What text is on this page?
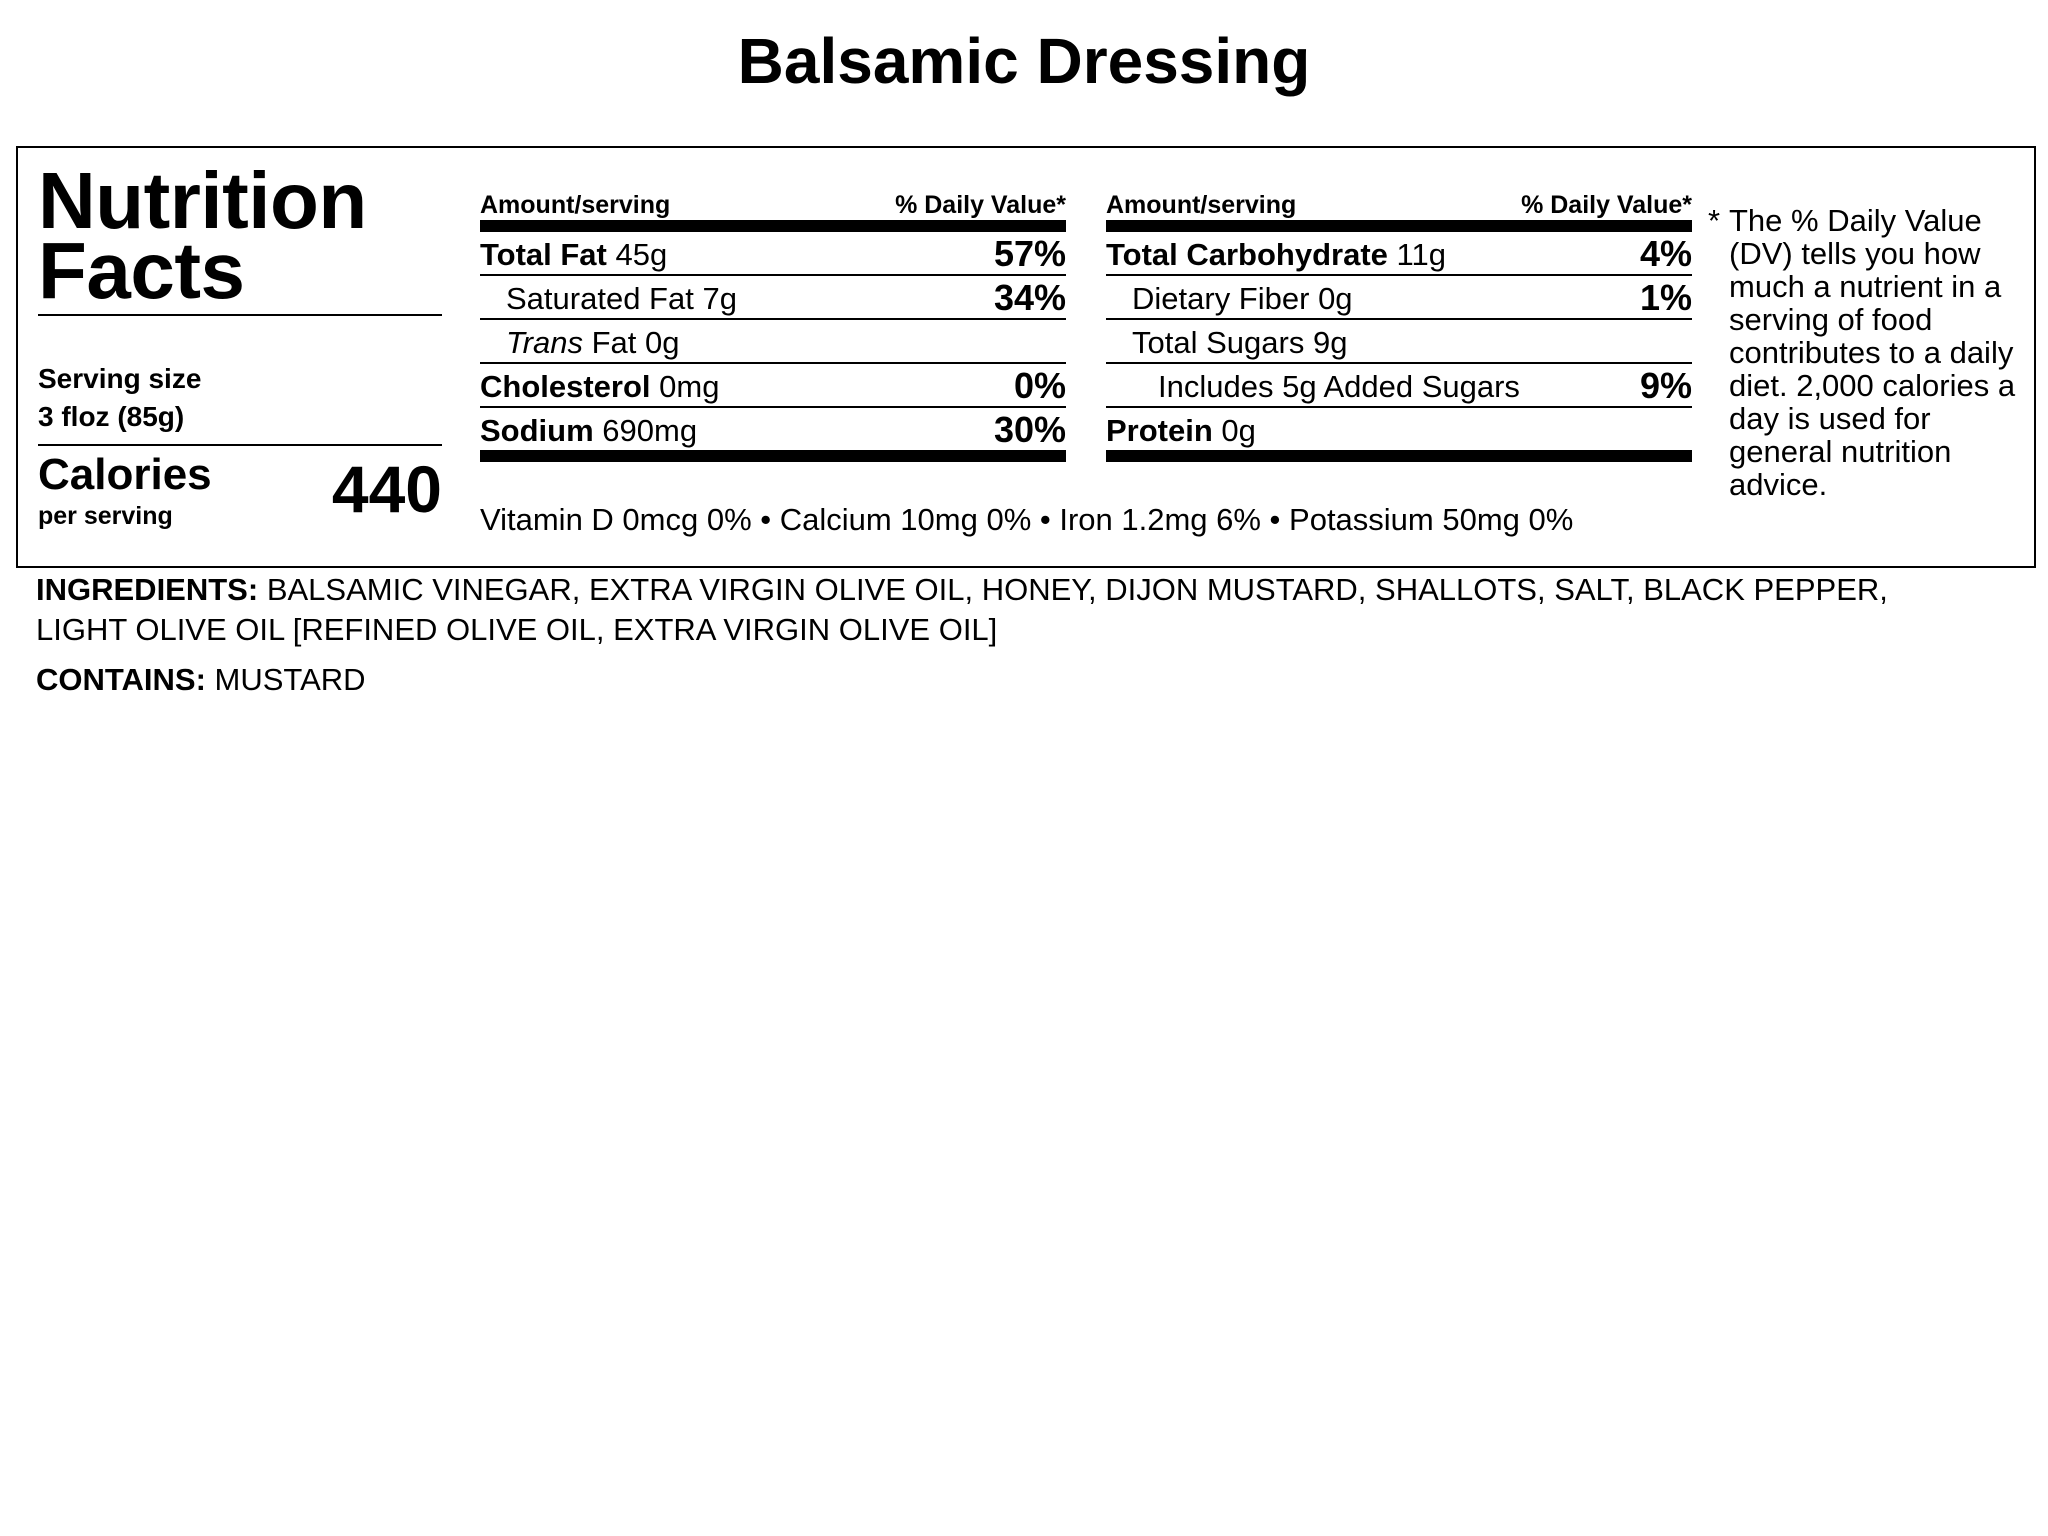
Balsamic Dressing
Nutrition
Facts
Serving size
3 floz (85g)
Calories
per serving 440
Amount/serving	% Daily Value*
Total Fat 45g	57%
Saturated Fat 7g	34%
Trans Fat 0g
Cholesterol 0mg	0%
Sodium 690mg	30%
Amount/serving	% Daily Value*
Total Carbohydrate 11g	4%
Dietary Fiber 0g	1%
Total Sugars 9g
Includes 5g Added Sugars	9%
Protein 0g
Vitamin D 0mcg 0% • Calcium 10mg 0% • Iron 1.2mg 6% • Potassium 50mg 0%
* The % Daily Value (DV) tells you how much a nutrient in a serving of food contributes to a daily diet. 2,000 calories a day is used for general nutrition advice.
INGREDIENTS: BALSAMIC VINEGAR, EXTRA VIRGIN OLIVE OIL, HONEY, DIJON MUSTARD, SHALLOTS, SALT, BLACK PEPPER, LIGHT OLIVE OIL [REFINED OLIVE OIL, EXTRA VIRGIN OLIVE OIL]
CONTAINS: MUSTARD
